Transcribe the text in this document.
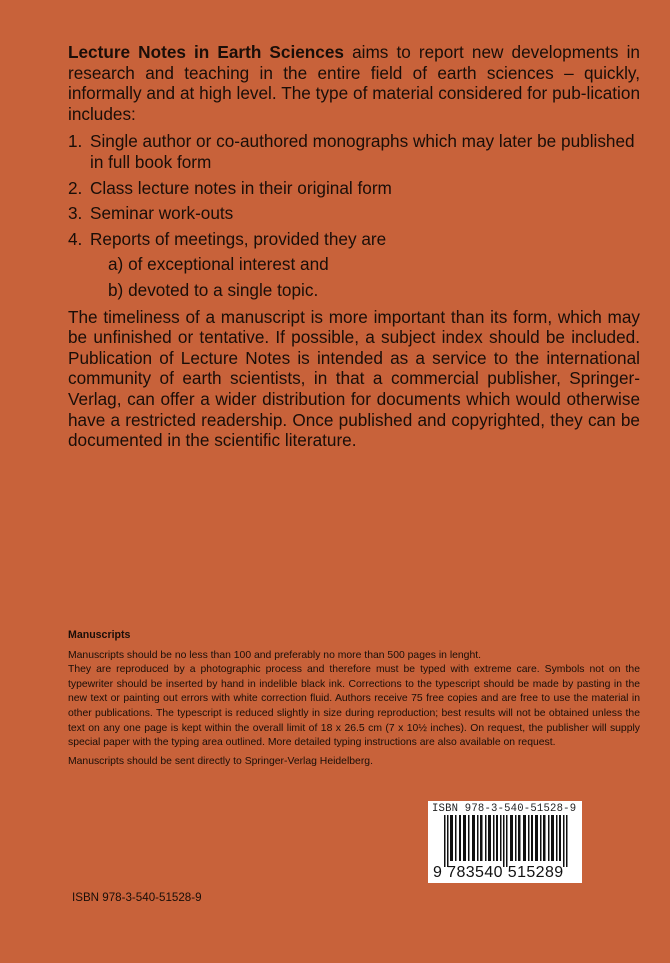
Lecture Notes in Earth Sciences aims to report new developments in research and teaching in the entire field of earth sciences – quickly, informally and at high level. The type of material considered for pub-lication includes:

1. Single author or co-authored monographs which may later be published in full book form
2. Class lecture notes in their original form
3. Seminar work-outs
4. Reports of meetings, provided they are
a) of exceptional interest and
b) devoted to a single topic.

The timeliness of a manuscript is more important than its form, which may be unfinished or tentative. If possible, a subject index should be included. Publication of Lecture Notes is intended as a service to the international community of earth scientists, in that a commercial publisher, Springer-Verlag, can offer a wider distribution for documents which would otherwise have a restricted readership. Once published and copyrighted, they can be documented in the scientific literature.

Manuscripts

Manuscripts should be no less than 100 and preferably no more than 500 pages in lenght.

They are reproduced by a photographic process and therefore must be typed with extreme care. Symbols not on the typewriter should be inserted by hand in indelible black ink. Corrections to the typescript should be made by pasting in the new text or painting out errors with white correction fluid. Authors receive 75 free copies and are free to use the material in other publications. The typescript is reduced slightly in size during reproduction; best results will not be obtained unless the text on any one page is kept within the overall limit of 18 x 26.5 cm (7 x 10½ inches). On request, the publisher will supply special paper with the typing area outlined. More detailed typing instructions are also available on request.

Manuscripts should be sent directly to Springer-Verlag Heidelberg.

ISBN 978-3-540-51528-9
9 783540 515289
ISBN 978-3-540-51528-9
